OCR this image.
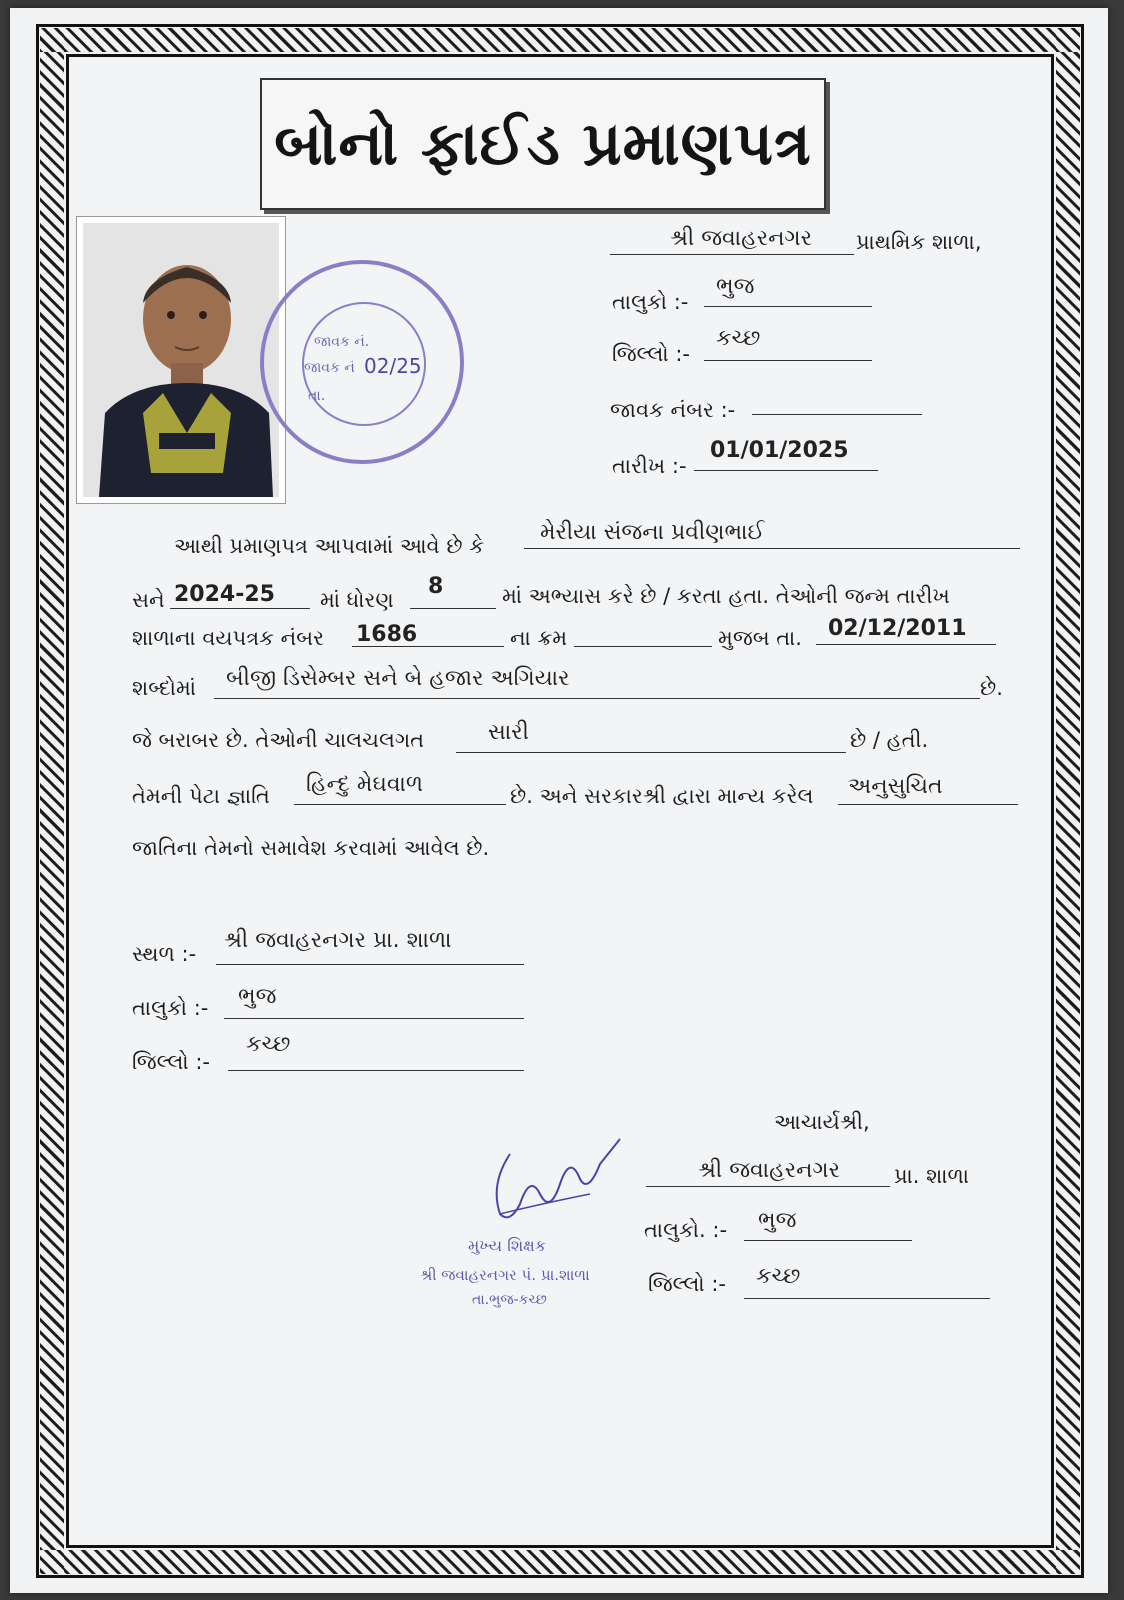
બોનો ફાઈડ પ્રમાણપત્ર
જાવક નં.
જાવક નં 02/25
તા.
શ્રી જવાહરનગર પ્રાથમિક શાળા,
તાલુકો :-
ભુજ
જિલ્લો :-
કચ્છ
જાવક નંબર :-
તારીખ :-
01/01/2025
આથી પ્રમાણપત્ર આપવામાં આવે છે કે
મેરીયા સંજના પ્રવીણભાઈ
સને 2024-25 માં ધોરણ
8	માં અભ્યાસ કરે છે / કરતા હતા. તેઓની જન્મ તારીખ
શાળાના વયપત્રક નંબર 1686	ના ક્રમ	મુજબ તા. 02/12/2011
શબ્દોમાં બીજી ડિસેમ્બર સને બે હજાર અગિયાર	છે.
જે બરાબર છે. તેઓની ચાલચલગત	સારી	છે / હતી.
તેમની પેટા જ્ઞાતિ હિન્દુ મેઘવાળ	છે. અને સરકારશ્રી દ્વારા માન્ય કરેલ અનુસુચિત
જાતિના તેમનો સમાવેશ કરવામાં આવેલ છે.
સ્થળ :-
શ્રી જવાહરનગર પ્રા. શાળા
તાલુકો :- ભુજ
જિલ્લો :-
કચ્છ
આચાર્યશ્રી,
શ્રી જવાહરનગર	પ્રા. શાળા
તાલુકો. :- ભુજ
જિલ્લો :- કચ્છ
મુખ્ય શિક્ષક
શ્રી જવાહરનગર પં. પ્રા.શાળા
તા.ભુજ-કચ્છ
